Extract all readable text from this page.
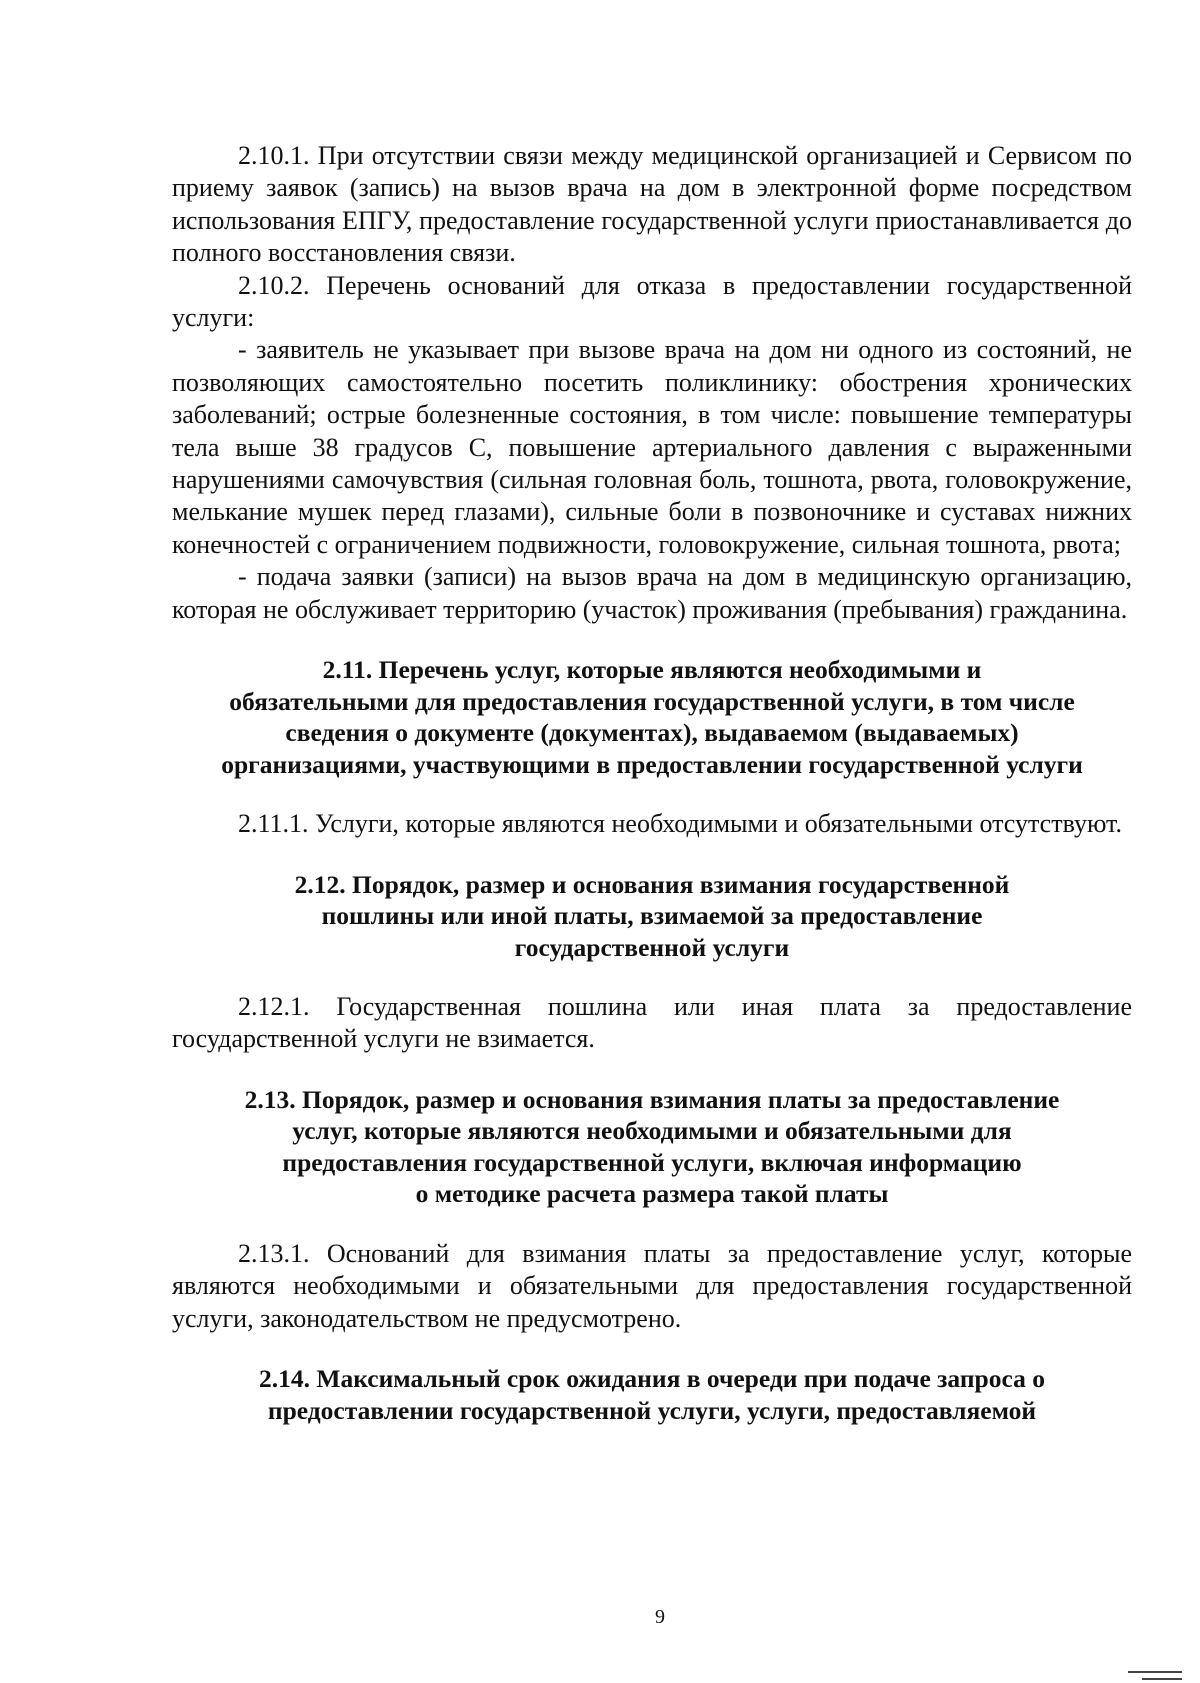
2.10.1. При отсутствии связи между медицинской организацией и Сервисом по приему заявок (запись) на вызов врача на дом в электронной форме посредством использования ЕПГУ, предоставление государственной услуги приостанавливается до полного восстановления связи.

2.10.2. Перечень оснований для отказа в предоставлении государственной услуги:

- заявитель не указывает при вызове врача на дом ни одного из состояний, не позволяющих самостоятельно посетить поликлинику: обострения хронических заболеваний; острые болезненные состояния, в том числе: повышение температуры тела выше 38 градусов С, повышение артериального давления с выраженными нарушениями самочувствия (сильная головная боль, тошнота, рвота, головокружение, мелькание мушек перед глазами), сильные боли в позвоночнике и суставах нижних конечностей с ограничением подвижности, головокружение, сильная тошнота, рвота;

- подача заявки (записи) на вызов врача на дом в медицинскую организацию, которая не обслуживает территорию (участок) проживания (пребывания) гражданина.

2.11. Перечень услуг, которые являются необходимыми и
обязательными для предоставления государственной услуги, в том числе
сведения о документе (документах), выдаваемом (выдаваемых)
организациями, участвующими в предоставлении государственной услуги

2.11.1. Услуги, которые являются необходимыми и обязательными отсутствуют.

2.12. Порядок, размер и основания взимания государственной
пошлины или иной платы, взимаемой за предоставление
государственной услуги

2.12.1. Государственная пошлина или иная плата за предоставление государственной услуги не взимается.

2.13. Порядок, размер и основания взимания платы за предоставление
услуг, которые являются необходимыми и обязательными для
предоставления государственной услуги, включая информацию
о методике расчета размера такой платы

2.13.1. Оснований для взимания платы за предоставление услуг, которые являются необходимыми и обязательными для предоставления государственной услуги, законодательством не предусмотрено.

2.14. Максимальный срок ожидания в очереди при подаче запроса о
предоставлении государственной услуги, услуги, предоставляемой
9
